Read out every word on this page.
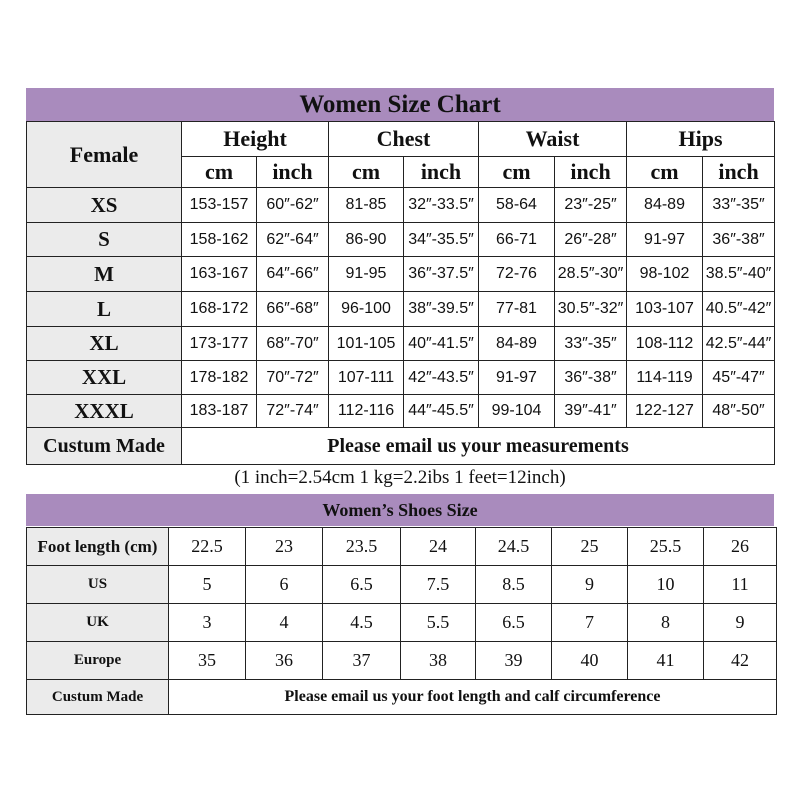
Women Size Chart
Female	Height		Chest		Waist		Hips	
	cm	inch	cm	inch	cm	inch	cm	inch
XS	153-157	60″-62″	81-85	32″-33.5″	58-64	23″-25″	84-89	33″-35″
S	158-162	62″-64″	86-90	34″-35.5″	66-71	26″-28″	91-97	36″-38″
M	163-167	64″-66″	91-95	36″-37.5″	72-76	28.5″-30″	98-102	38.5″-40″
L	168-172	66″-68″	96-100	38″-39.5″	77-81	30.5″-32″	103-107	40.5″-42″
XL	173-177	68″-70″	101-105	40″-41.5″	84-89	33″-35″	108-112	42.5″-44″
XXL	178-182	70″-72″	107-111	42″-43.5″	91-97	36″-38″	114-119	45″-47″
XXXL	183-187	72″-74″	112-116	44″-45.5″	99-104	39″-41″	122-127	48″-50″
Custum Made	Please email us your measurements							
(1 inch=2.54cm 1 kg=2.2ibs 1 feet=12inch)
Women’s Shoes Size
Foot length (cm)	22.5	23	23.5	24	24.5	25	25.5	26
US	5	6	6.5	7.5	8.5	9	10	11
UK	3	4	4.5	5.5	6.5	7	8	9
Europe	35	36	37	38	39	40	41	42
Custum Made	Please email us your foot length and calf circumference							
